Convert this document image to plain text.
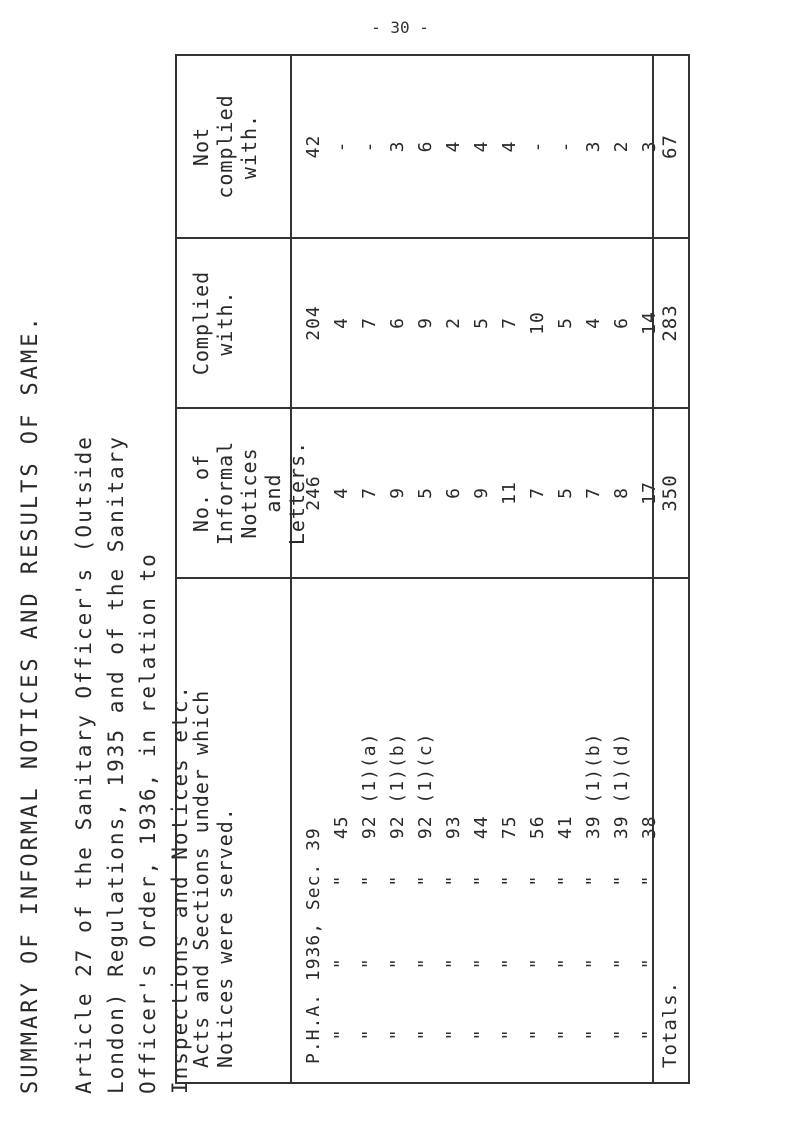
- 30 -
SUMMARY OF INFORMAL NOTICES AND RESULTS OF SAME. Article 27 of the Sanitary Officer's (Outside London) Regulations, 1935 and of the Sanitary Officer's Order, 1936, in relation to Inspections and Notices etc.
Acts and Sections under which Notices were served.
No. of Informal Notices and Letters.
Complied with.
Not complied with.
P.H.A. 1936, Sec. 39 "     "      "   45 "     "      "   92 (1)(a) "     "      "   92 (1)(b) "     "      "   92 (1)(c) "     "      "   93 "     "      "   44 "     "      "   75 "     "      "   56 "     "      "   41 "     "      "   39 (1)(b) "     "      "   39 (1)(d) "     "      "   38
246 4 7 9 5 6 9 11 7 5 7 8 17
204 4 7 6 9 2 5 7 10 5 4 6 14
42 - - 3 6 4 4 4 - - 3 2 3
Totals.
350
283
67
